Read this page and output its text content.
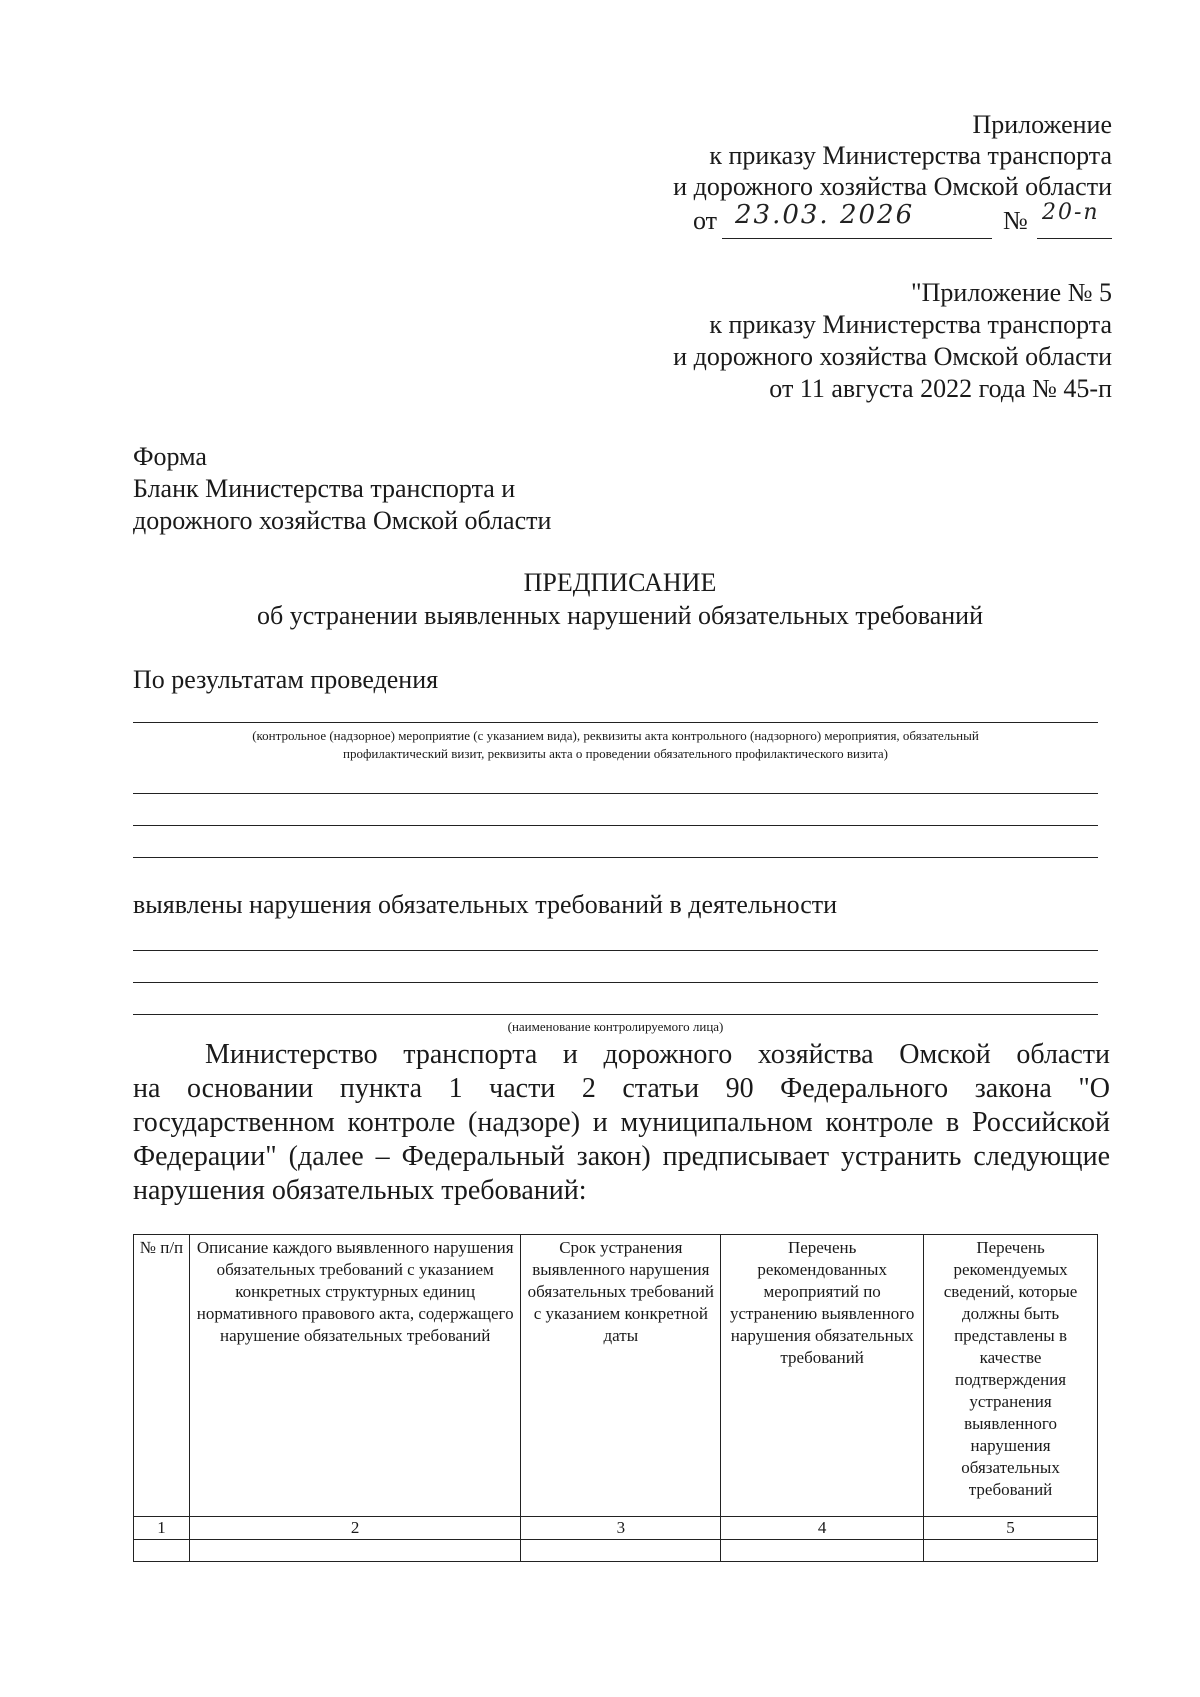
Приложение
к приказу Министерства транспорта
и дорожного хозяйства Омской области
от 23.03. 2026	№ 20-п
"Приложение № 5
к приказу Министерства транспорта
и дорожного хозяйства Омской области
от 11 августа 2022 года № 45-п
Форма
Бланк Министерства транспорта и
дорожного хозяйства Омской области
ПРЕДПИСАНИЕ
об устранении выявленных нарушений обязательных требований
По результатам проведения
(контрольное (надзорное) мероприятие (с указанием вида), реквизиты акта контрольного (надзорного) мероприятия, обязательный
профилактический визит, реквизиты акта о проведении обязательного профилактического визита)
выявлены нарушения обязательных требований в деятельности
(наименование контролируемого лица)
Министерство транспорта и дорожного хозяйства Омской области
на основании пункта 1 части 2 статьи 90 Федерального закона "О
государственном контроле (надзоре) и муниципальном контроле в Российской
Федерации" (далее – Федеральный закон) предписывает устранить следующие
нарушения обязательных требований:
№ п/п	Описание каждого выявленного нарушения обязательных требований с указанием конкретных структурных единиц нормативного правового акта, содержащего нарушение обязательных требований	Срок устранения выявленного нарушения обязательных требований с указанием конкретной даты	Перечень рекомендованных мероприятий по устранению выявленного нарушения обязательных требований	Перечень рекомендуемых сведений, которые должны быть представлены в качестве подтверждения устранения выявленного нарушения обязательных требований
1	2	3	4	5
